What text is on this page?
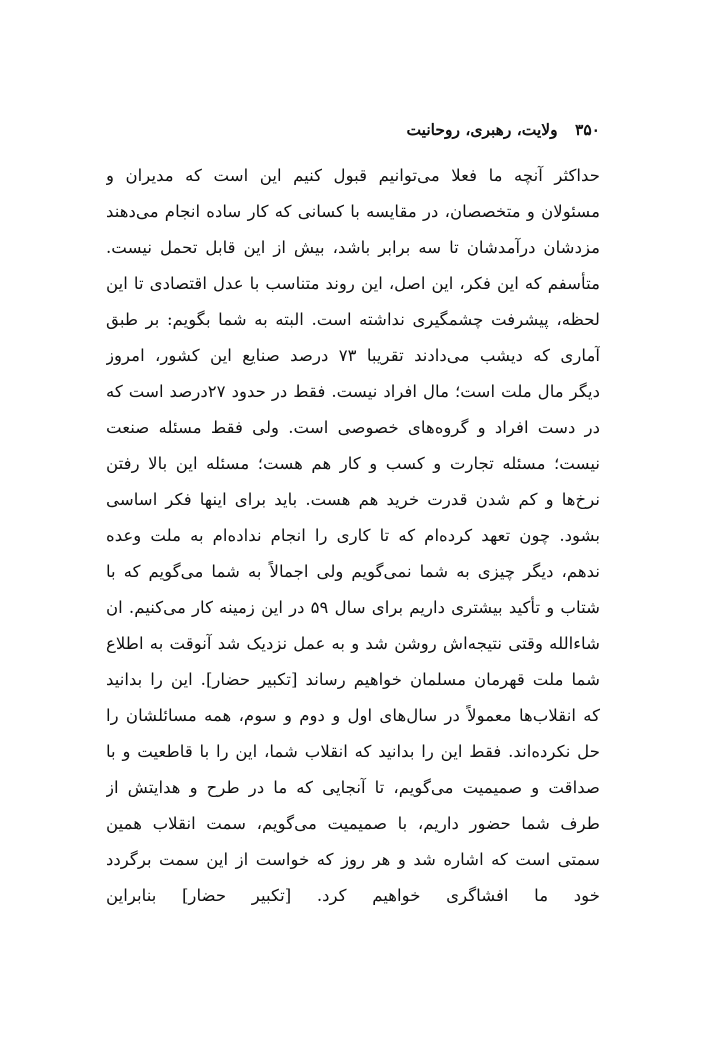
۳۵۰ ولایت، رهبری، روحانیت
حداکثر آنچه ما فعلا می‌توانیم قبول کنیم این است که مدیران و
مسئولان و متخصصان، در مقایسه با کسانی که کار ساده انجام می‌دهند
مزدشان درآمدشان تا سه برابر باشد، بیش از این قابل تحمل نیست.
متأسفم که این فکر، این اصل، این روند متناسب با عدل اقتصادی تا این
لحظه، پیشرفت چشمگیری نداشته است. البته به شما بگویم: بر طبق
آماری که دیشب می‌دادند تقریبا ۷۳ درصد صنایع این کشور، امروز
دیگر مال ملت است؛ مال افراد نیست. فقط در حدود ۲۷درصد است که
در دست افراد و گروه‌های خصوصی است. ولی فقط مسئله صنعت
نیست؛ مسئله تجارت و کسب و کار هم هست؛ مسئله این بالا رفتن
نرخ‌ها و کم شدن قدرت خرید هم هست. باید برای اینها فکر اساسی
بشود. چون تعهد کرده‌ام که تا کاری را انجام نداده‌ام به ملت وعده
ندهم، دیگر چیزی به شما نمی‌گویم ولی اجمالاً به شما می‌گویم که با
شتاب و تأکید بیشتری داریم برای سال ۵۹ در این زمینه کار می‌کنیم. ان
شاءالله وقتی نتیجه‌اش روشن شد و به عمل نزدیک شد آنوقت به اطلاع
شما ملت قهرمان مسلمان خواهیم رساند [تکبیر حضار]. این را بدانید
که انقلاب‌ها معمولاً در سال‌های اول و دوم و سوم، همه مسائلشان را
حل نکرده‌اند. فقط این را بدانید که انقلاب شما، این را با قاطعیت و با
صداقت و صمیمیت می‌گویم، تا آنجایی که ما در طرح و هدایتش از
طرف شما حضور داریم، با صمیمیت می‌گویم، سمت انقلاب همین
سمتی است که اشاره شد و هر روز که خواست از این سمت برگردد
خود ما افشاگری خواهیم کرد. [تکبیر حضار] بنابراین
